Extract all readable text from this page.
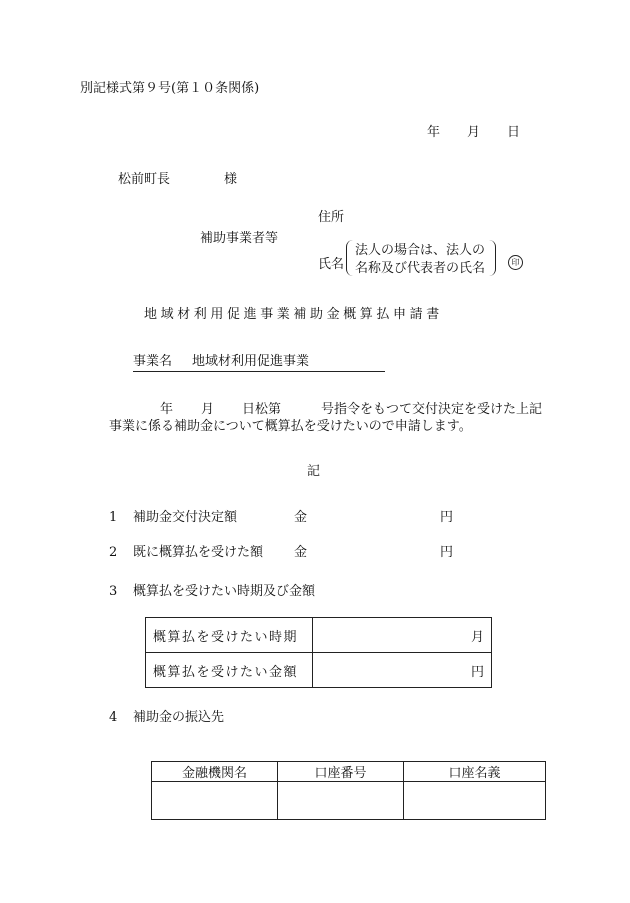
別記様式第９号(第１０条関係)
年 月 日
松前町長	様
住所
補助事業者等
氏名
法人の場合は、法人の
名称及び代表者の氏名	印
地域材利用促進事業補助金概算払申請書
事業名 地域材利用促進事業
年 月 日松第	号指令をもつて交付決定を受けた上記
事業に係る補助金について概算払を受けたいので申請します。
記
1 補助金交付決定額	金	円
2 既に概算払を受けた額 金	円
3 概算払を受けたい時期及び金額
概算払を受けたい時期	月
概算払を受けたい金額	円
4 補助金の振込先
金融機関名	口座番号	口座名義
